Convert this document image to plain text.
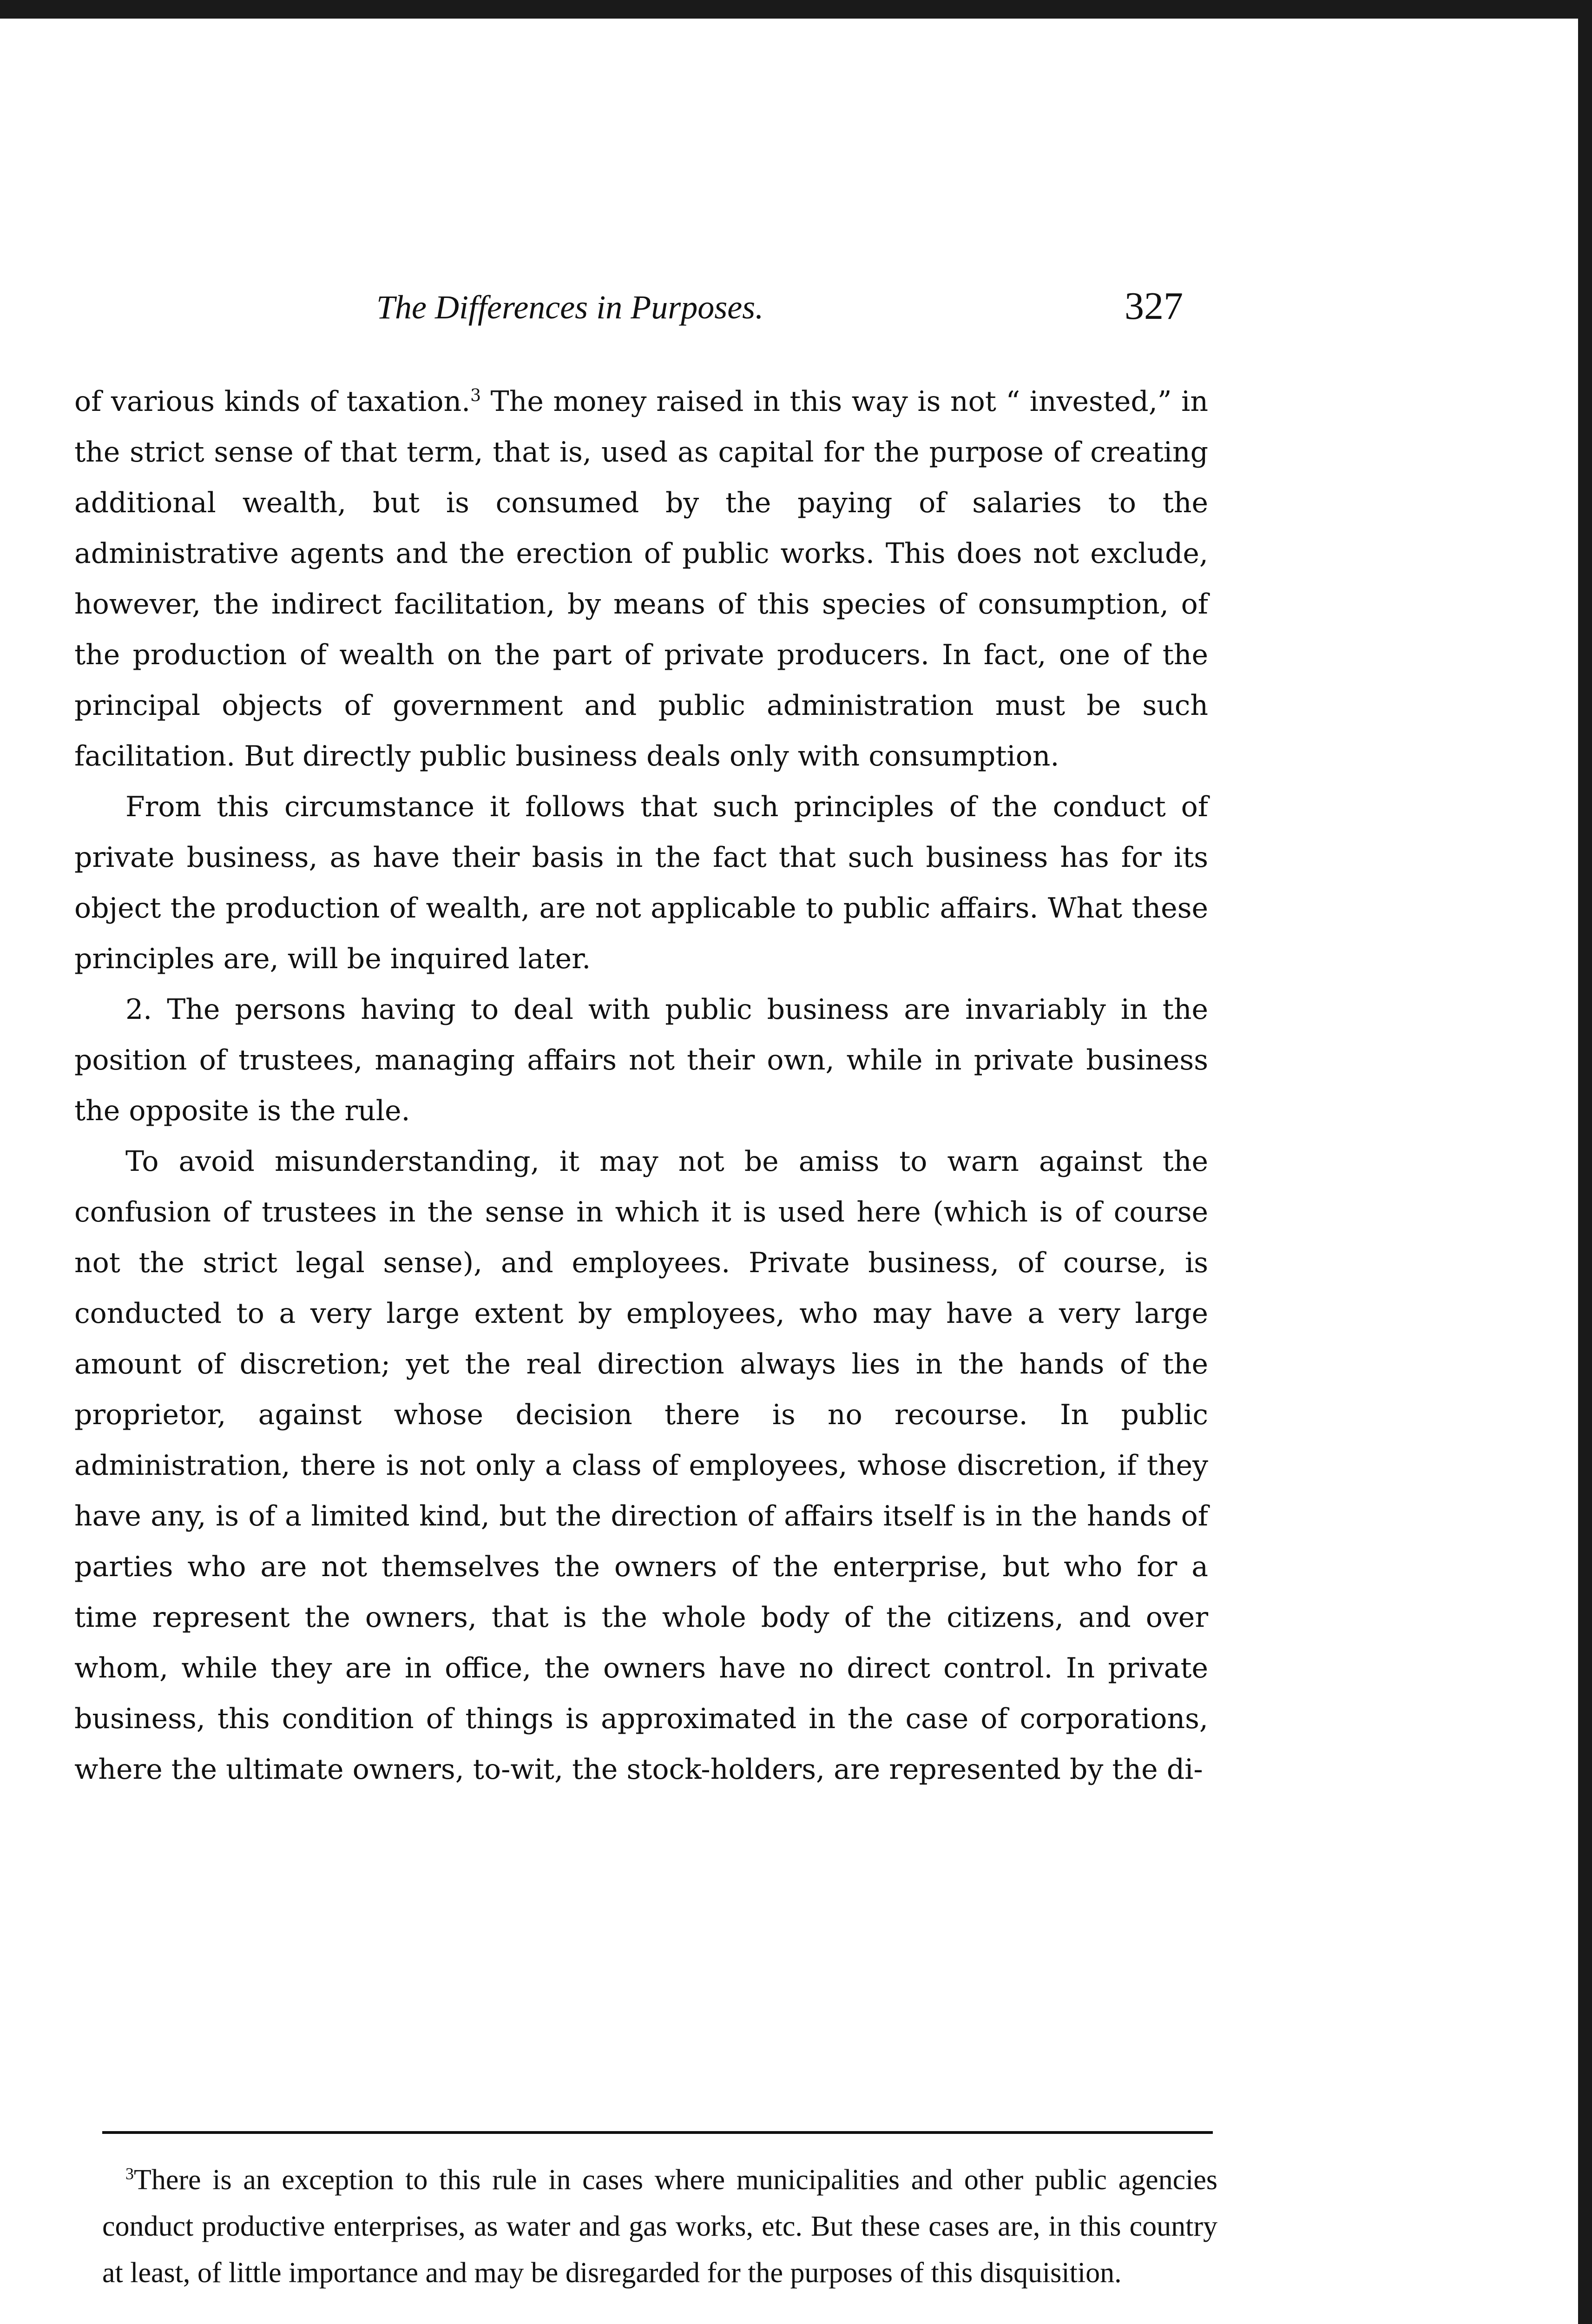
The Differences in Purposes.	327

of various kinds of taxation.$^3$ The money raised in this way is not “ invested,” in the strict sense of that term, that is, used as capital for the purpose of creating additional wealth, but is consumed by the paying of salaries to the administrative agents and the erection of public works. This does not exclude, however, the indirect facilitation, by means of this species of consumption, of the production of wealth on the part of private producers. In fact, one of the principal objects of government and public administration must be such facilitation. But directly public business deals only with consumption.

From this circumstance it follows that such principles of the conduct of private business, as have their basis in the fact that such business has for its object the production of wealth, are not applicable to public affairs. What these principles are, will be inquired later.

2. The persons having to deal with public business are invariably in the position of trustees, managing affairs not their own, while in private business the opposite is the rule.

To avoid misunderstanding, it may not be amiss to warn against the confusion of trustees in the sense in which it is used here (which is of course not the strict legal sense), and employees. Private business, of course, is conducted to a very large extent by employees, who may have a very large amount of discretion; yet the real direction always lies in the hands of the proprietor, against whose decision there is no recourse. In public administration, there is not only a class of employees, whose discretion, if they have any, is of a limited kind, but the direction of affairs itself is in the hands of parties who are not themselves the owners of the enterprise, but who for a time represent the owners, that is the whole body of the citizens, and over whom, while they are in office, the owners have no direct control. In private business, this condition of things is approximated in the case of corporations, where the ultimate owners, to-wit, the stock-holders, are represented by the di-

$^3$There is an exception to this rule in cases where municipalities and other public agencies conduct productive enterprises, as water and gas works, etc. But these cases are, in this country at least, of little importance and may be disregarded for the purposes of this disquisition.
